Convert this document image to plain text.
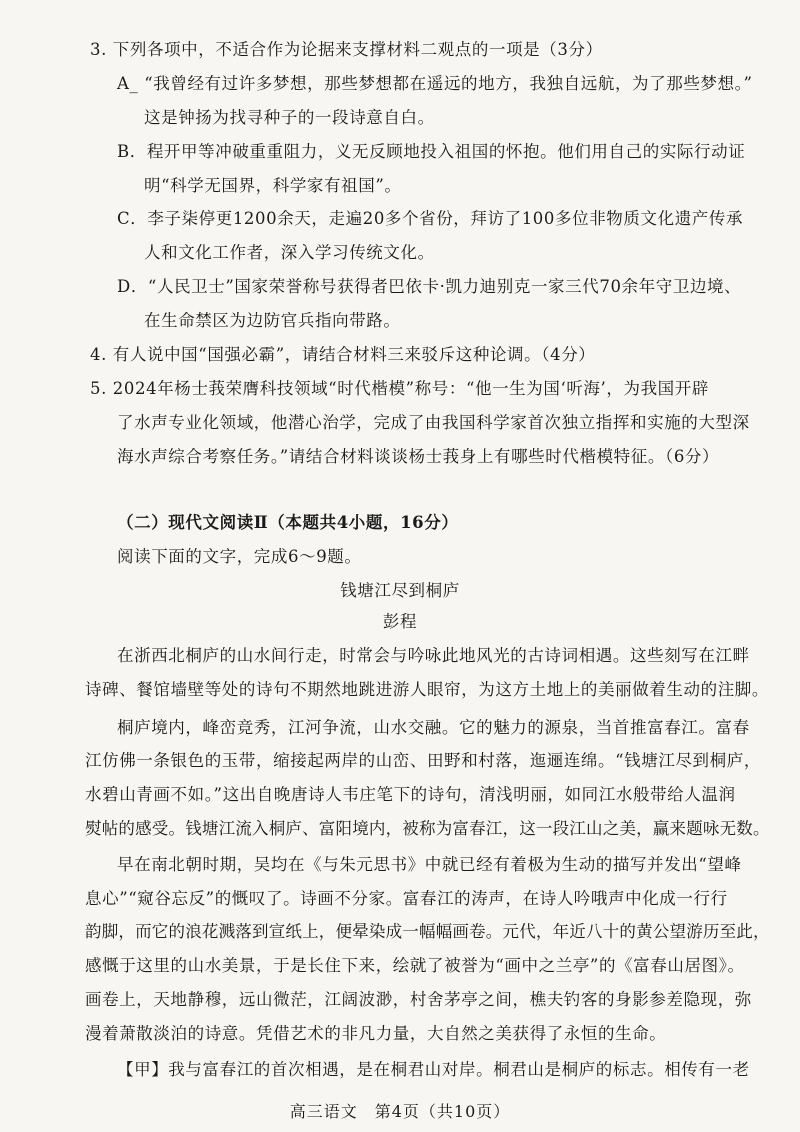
3. 下列各项中，不适合作为论据来支撑材料二观点的一项是（3分）
A_ “我曾经有过许多梦想，那些梦想都在遥远的地方，我独自远航，为了那些梦想。”
这是钟扬为找寻种子的一段诗意自白。
B．程开甲等冲破重重阻力，义无反顾地投入祖国的怀抱。他们用自己的实际行动证
明“科学无国界，科学家有祖国”。
C．李子柒停更1200余天，走遍20多个省份，拜访了100多位非物质文化遗产传承
人和文化工作者，深入学习传统文化。
D．“人民卫士”国家荣誉称号获得者巴依卡·凯力迪别克一家三代70余年守卫边境、
在生命禁区为边防官兵指向带路。
4. 有人说中国“国强必霸”，请结合材料三来驳斥这种论调。（4分）
5. 2024年杨士莪荣膺科技领域“时代楷模”称号：“他一生为国‘听海’，为我国开辟
了水声专业化领域，他潜心治学，完成了由我国科学家首次独立指挥和实施的大型深
海水声综合考察任务。”请结合材料谈谈杨士莪身上有哪些时代楷模特征。（6分）
（二）现代文阅读Ⅱ（本题共4小题，16分）
阅读下面的文字，完成6～9题。
钱塘江尽到桐庐
彭程
在浙西北桐庐的山水间行走，时常会与吟咏此地风光的古诗词相遇。这些刻写在江畔
诗碑、餐馆墙壁等处的诗句不期然地跳进游人眼帘，为这方土地上的美丽做着生动的注脚。
桐庐境内，峰峦竞秀，江河争流，山水交融。它的魅力的源泉，当首推富春江。富春
江仿佛一条银色的玉带，缩接起两岸的山峦、田野和村落，迤逦连绵。“钱塘江尽到桐庐，
水碧山青画不如。”这出自晚唐诗人韦庄笔下的诗句，清浅明丽，如同江水般带给人温润
熨帖的感受。钱塘江流入桐庐、富阳境内，被称为富春江，这一段江山之美，赢来题咏无数。
早在南北朝时期，吴均在《与朱元思书》中就已经有着极为生动的描写并发出“望峰
息心”“窥谷忘反”的慨叹了。诗画不分家。富春江的涛声，在诗人吟哦声中化成一行行
韵脚，而它的浪花溅落到宣纸上，便晕染成一幅幅画卷。元代，年近八十的黄公望游历至此，
感慨于这里的山水美景，于是长住下来，绘就了被誉为“画中之兰亭”的《富春山居图》。
画卷上，天地静穆，远山微茫，江阔波渺，村舍茅亭之间，樵夫钓客的身影参差隐现，弥
漫着萧散淡泊的诗意。凭借艺术的非凡力量，大自然之美获得了永恒的生命。
【甲】我与富春江的首次相遇，是在桐君山对岸。桐君山是桐庐的标志。相传有一老
高三语文　第4页（共10页）
